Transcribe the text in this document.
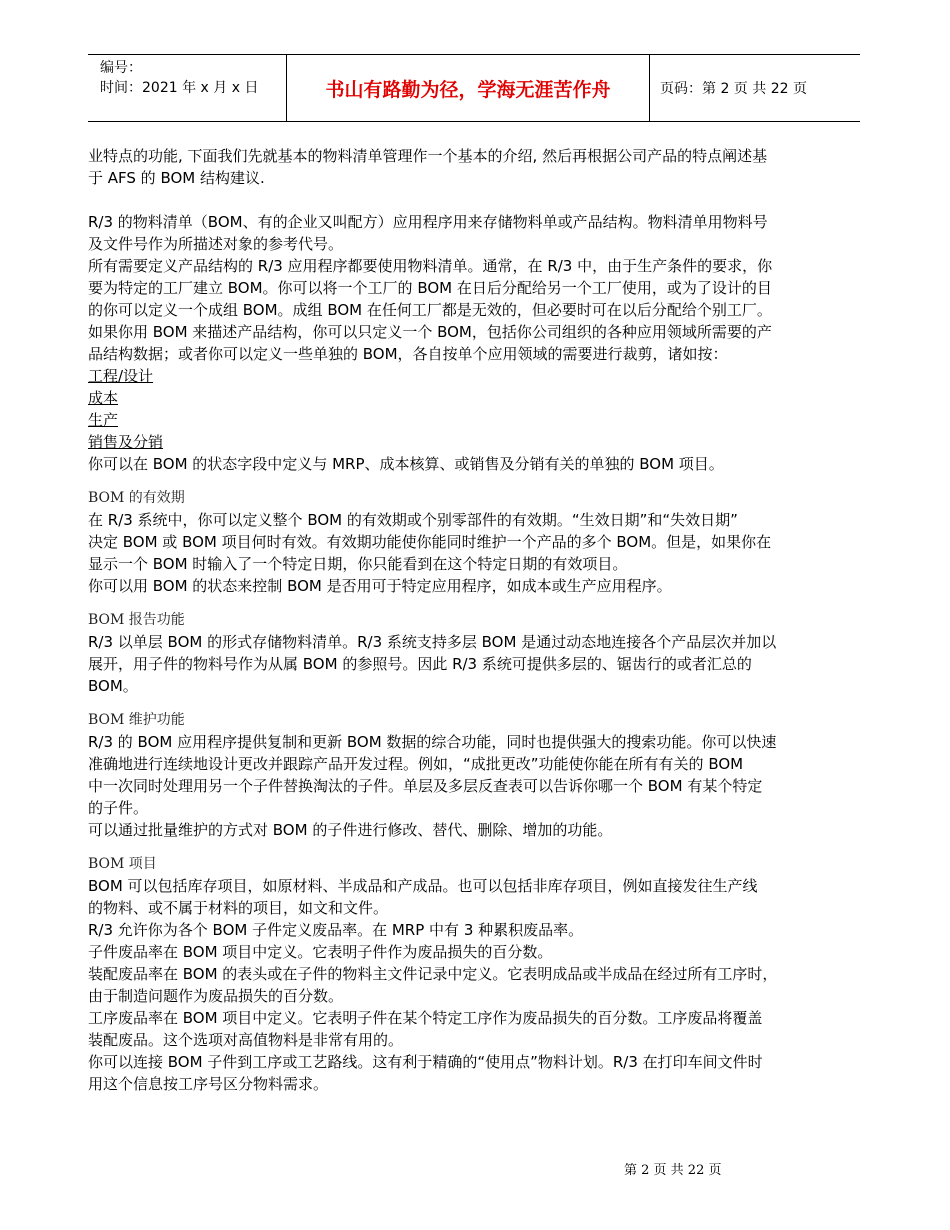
编号：
时间：2021 年 x 月 x 日	书山有路勤为径，学海无涯苦作舟	页码：第 2 页 共 22 页

业特点的功能, 下面我们先就基本的物料清单管理作一个基本的介绍, 然后再根据公司产品的特点阐述基

于 AFS 的 BOM 结构建议.

R/3 的物料清单（BOM、有的企业又叫配方）应用程序用来存储物料单或产品结构。物料清单用物料号

及文件号作为所描述对象的参考代号。

所有需要定义产品结构的 R/3 应用程序都要使用物料清单。通常，在 R/3 中，由于生产条件的要求，你

要为特定的工厂建立 BOM。你可以将一个工厂的 BOM 在日后分配给另一个工厂使用，或为了设计的目

的你可以定义一个成组 BOM。成组 BOM 在任何工厂都是无效的，但必要时可在以后分配给个别工厂。

如果你用 BOM 来描述产品结构，你可以只定义一个 BOM，包括你公司组织的各种应用领域所需要的产

品结构数据；或者你可以定义一些单独的 BOM，各自按单个应用领域的需要进行裁剪，诸如按：

工程/设计

成本

生产

销售及分销

你可以在 BOM 的状态字段中定义与 MRP、成本核算、或销售及分销有关的单独的 BOM 项目。

BOM 的有效期

在 R/3 系统中，你可以定义整个 BOM 的有效期或个别零部件的有效期。“生效日期”和“失效日期”

决定 BOM 或 BOM 项目何时有效。有效期功能使你能同时维护一个产品的多个 BOM。但是，如果你在

显示一个 BOM 时输入了一个特定日期，你只能看到在这个特定日期的有效项目。

你可以用 BOM 的状态来控制 BOM 是否用可于特定应用程序，如成本或生产应用程序。

BOM 报告功能

R/3 以单层 BOM 的形式存储物料清单。R/3 系统支持多层 BOM 是通过动态地连接各个产品层次并加以

展开，用子件的物料号作为从属 BOM 的参照号。因此 R/3 系统可提供多层的、锯齿行的或者汇总的

BOM。

BOM 维护功能

R/3 的 BOM 应用程序提供复制和更新 BOM 数据的综合功能，同时也提供强大的搜索功能。你可以快速

准确地进行连续地设计更改并跟踪产品开发过程。例如，“成批更改”功能使你能在所有有关的 BOM

中一次同时处理用另一个子件替换淘汰的子件。单层及多层反查表可以告诉你哪一个 BOM 有某个特定

的子件。

可以通过批量维护的方式对 BOM 的子件进行修改、替代、删除、增加的功能。

BOM 项目

BOM 可以包括库存项目，如原材料、半成品和产成品。也可以包括非库存项目，例如直接发往生产线

的物料、或不属于材料的项目，如文和文件。

R/3 允许你为各个 BOM 子件定义废品率。在 MRP 中有 3 种累积废品率。

子件废品率在 BOM 项目中定义。它表明子件作为废品损失的百分数。

装配废品率在 BOM 的表头或在子件的物料主文件记录中定义。它表明成品或半成品在经过所有工序时，

由于制造问题作为废品损失的百分数。

工序废品率在 BOM 项目中定义。它表明子件在某个特定工序作为废品损失的百分数。工序废品将覆盖

装配废品。这个选项对高值物料是非常有用的。

你可以连接 BOM 子件到工序或工艺路线。这有利于精确的“使用点”物料计划。R/3 在打印车间文件时

用这个信息按工序号区分物料需求。

第 2 页 共 22 页
